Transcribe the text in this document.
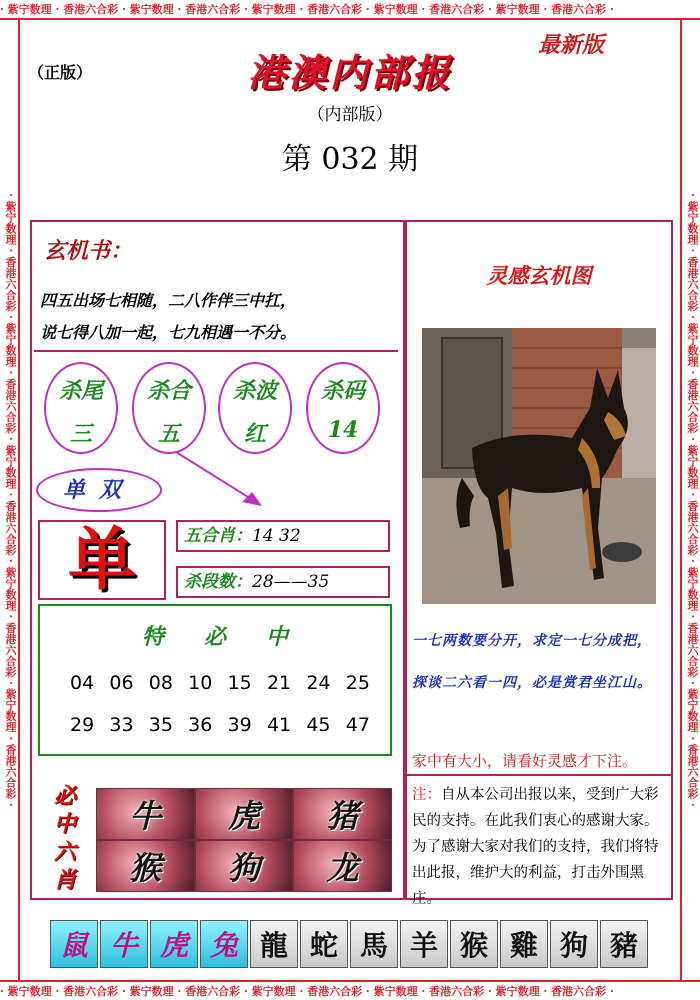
· 紫宁数理 · 香港六合彩 · 紫宁数理 · 香港六合彩 · 紫宁数理 · 香港六合彩 · 紫宁数理 · 香港六合彩 · 紫宁数理 · 香港六合彩 ·
· 紫宁数理 · 香港六合彩 · 紫宁数理 · 香港六合彩 · 紫宁数理 · 香港六合彩 · 紫宁数理 · 香港六合彩 · 紫宁数理 · 香港六合彩 ·
· 紫宁数理 · 香港六合彩 · 紫宁数理 · 香港六合彩 · 紫宁数理 · 香港六合彩 · 紫宁数理 · 香港六合彩 · 紫宁数理 · 香港六合彩 ·	· 紫宁数理 · 香港六合彩 · 紫宁数理 · 香港六合彩 · 紫宁数理 · 香港六合彩 · 紫宁数理 · 香港六合彩 · 紫宁数理 · 香港六合彩 ·
（正版）
最新版
港澳内部报
（内部版）
第 032 期
玄机书：
四五出场七相随，二八作伴三中扛，
说七得八加一起，七九相遇一不分。
杀尾
三
杀合
五
杀波
红
杀码
14
单双
单	五合肖：14 32
杀段数：28——35
特必中
04 06 08 10 15 21 24 25
29 33 35 36 39 41 45 47
必中六肖
牛	虎	猪
猴	狗	龙
灵感玄机图
一七两数要分开，求定一七分成把，
探谈二六看一四，必是赏君坐江山。
家中有大小，请看好灵感才下注。
注：自从本公司出报以来，受到广大彩民的支持。在此我们衷心的感谢大家。为了感谢大家对我们的支持，我们将特出此报，维护大的利益，打击外围黑庄。
鼠 牛 虎 兔 龍 蛇 馬 羊 猴 雞 狗 豬
